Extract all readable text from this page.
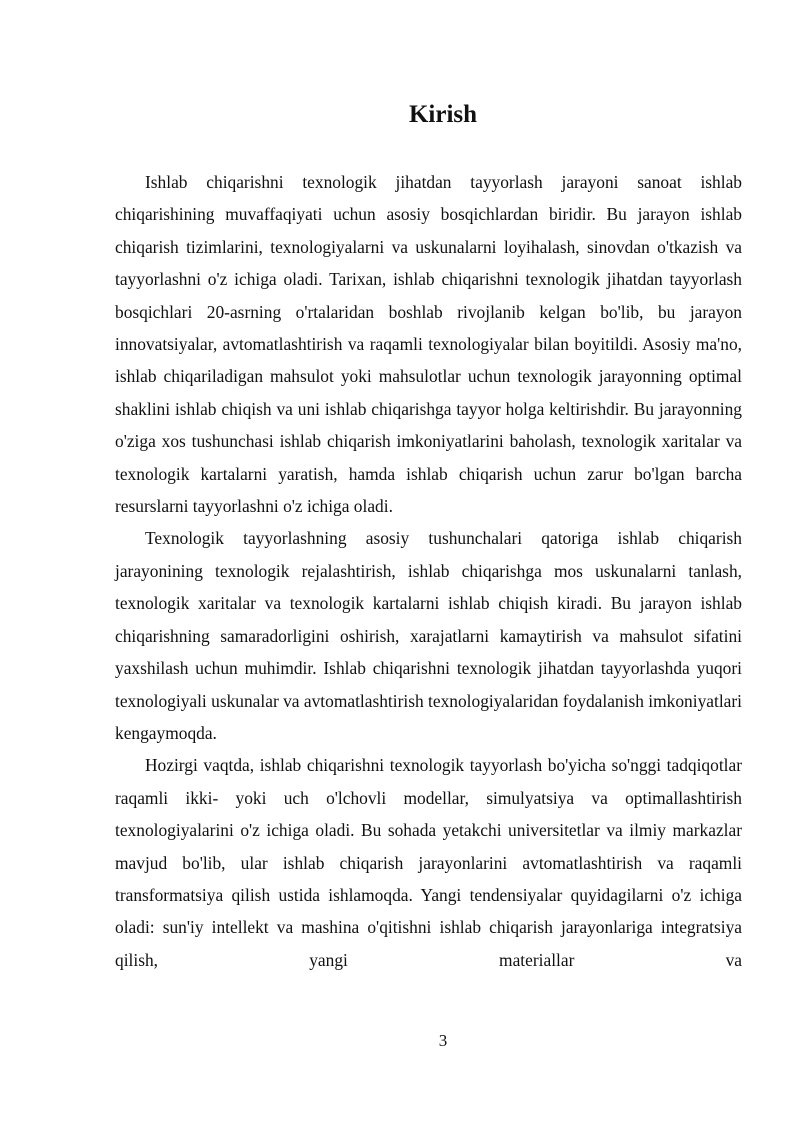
Kirish

Ishlab chiqarishni texnologik jihatdan tayyorlash jarayoni sanoat ishlab chiqarishining muvaffaqiyati uchun asosiy bosqichlardan biridir. Bu jarayon ishlab chiqarish tizimlarini, texnologiyalarni va uskunalarni loyihalash, sinovdan o'tkazish va tayyorlashni o'z ichiga oladi. Tarixan, ishlab chiqarishni texnologik jihatdan tayyorlash bosqichlari 20-asrning o'rtalaridan boshlab rivojlanib kelgan bo'lib, bu jarayon innovatsiyalar, avtomatlashtirish va raqamli texnologiyalar bilan boyitildi. Asosiy ma'no, ishlab chiqariladigan mahsulot yoki mahsulotlar uchun texnologik jarayonning optimal shaklini ishlab chiqish va uni ishlab chiqarishga tayyor holga keltirishdir. Bu jarayonning o'ziga xos tushunchasi ishlab chiqarish imkoniyatlarini baholash, texnologik xaritalar va texnologik kartalarni yaratish, hamda ishlab chiqarish uchun zarur bo'lgan barcha resurslarni tayyorlashni o'z ichiga oladi.

Texnologik tayyorlashning asosiy tushunchalari qatoriga ishlab chiqarish jarayonining texnologik rejalashtirish, ishlab chiqarishga mos uskunalarni tanlash, texnologik xaritalar va texnologik kartalarni ishlab chiqish kiradi. Bu jarayon ishlab chiqarishning samaradorligini oshirish, xarajatlarni kamaytirish va mahsulot sifatini yaxshilash uchun muhimdir. Ishlab chiqarishni texnologik jihatdan tayyorlashda yuqori texnologiyali uskunalar va avtomatlashtirish texnologiyalaridan foydalanish imkoniyatlari kengaymoqda.

Hozirgi vaqtda, ishlab chiqarishni texnologik tayyorlash bo'yicha so'nggi tadqiqotlar raqamli ikki- yoki uch o'lchovli modellar, simulyatsiya va optimallashtirish texnologiyalarini o'z ichiga oladi. Bu sohada yetakchi universitetlar va ilmiy markazlar mavjud bo'lib, ular ishlab chiqarish jarayonlarini avtomatlashtirish va raqamli transformatsiya qilish ustida ishlamoqda. Yangi tendensiyalar quyidagilarni o'z ichiga oladi: sun'iy intellekt va mashina o'qitishni ishlab chiqarish jarayonlariga integratsiya qilish, yangi materiallar va

3
